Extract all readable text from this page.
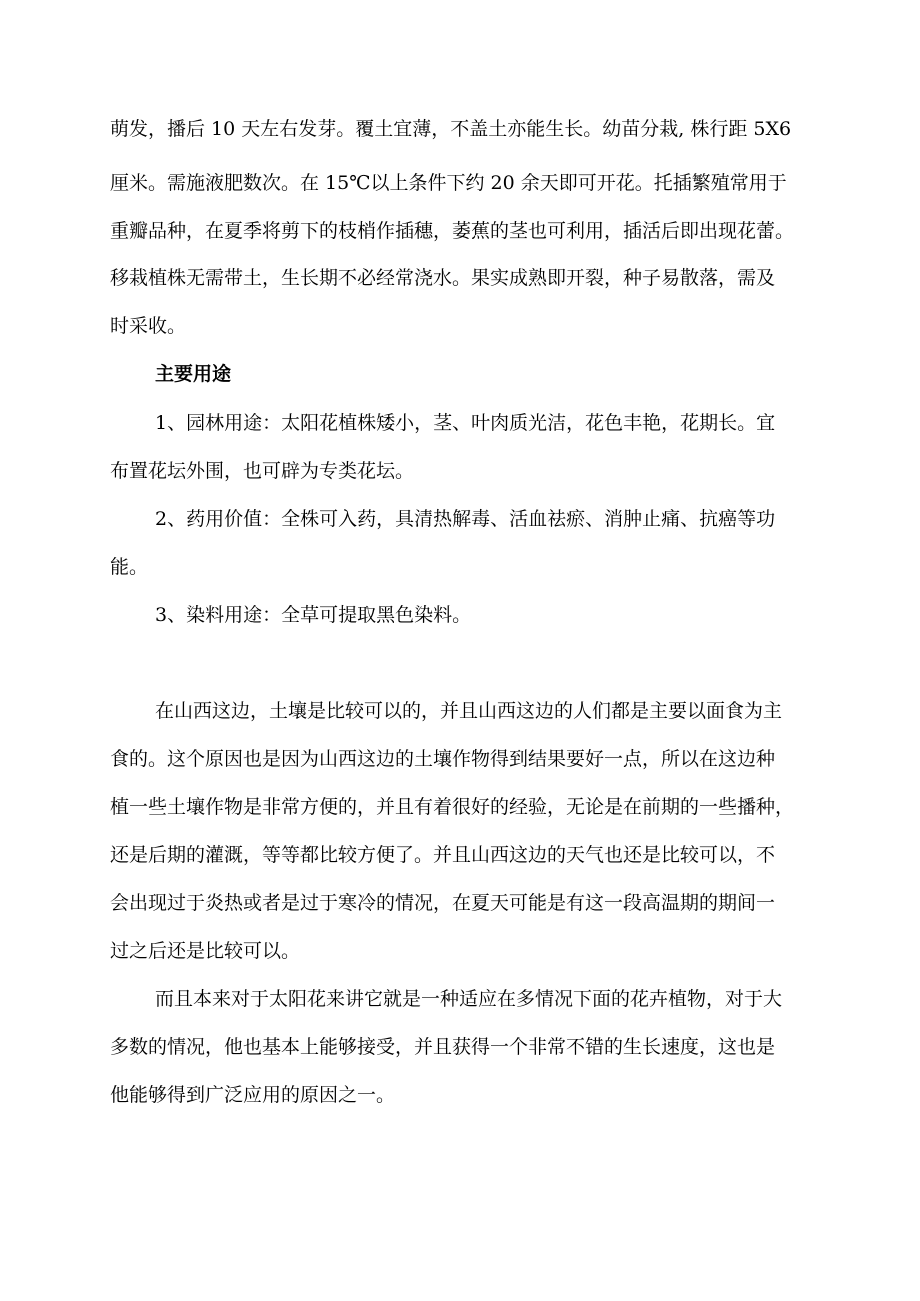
萌发，播后 10 天左右发芽。覆土宜薄，不盖土亦能生长。幼苗分栽, 株行距 5X6
厘米。需施液肥数次。在 15℃以上条件下约 20 余天即可开花。托插繁殖常用于
重瓣品种，在夏季将剪下的枝梢作插穗，萎蕉的茎也可利用，插活后即出现花蕾。
移栽植株无需带土，生长期不必经常浇水。果实成熟即开裂，种子易散落，需及
时采收。
主要用途
1、园林用途：太阳花植株矮小，茎、叶肉质光洁，花色丰艳，花期长。宜
布置花坛外围，也可辟为专类花坛。
2、药用价值：全株可入药，具清热解毒、活血祛瘀、消肿止痛、抗癌等功
能。
3、染料用途：全草可提取黑色染料。
在山西这边，土壤是比较可以的，并且山西这边的人们都是主要以面食为主
食的。这个原因也是因为山西这边的土壤作物得到结果要好一点，所以在这边种
植一些土壤作物是非常方便的，并且有着很好的经验，无论是在前期的一些播种，
还是后期的灌溉，等等都比较方便了。并且山西这边的天气也还是比较可以，不
会出现过于炎热或者是过于寒冷的情况，在夏天可能是有这一段高温期的期间一
过之后还是比较可以。
而且本来对于太阳花来讲它就是一种适应在多情况下面的花卉植物，对于大
多数的情况，他也基本上能够接受，并且获得一个非常不错的生长速度，这也是
他能够得到广泛应用的原因之一。
